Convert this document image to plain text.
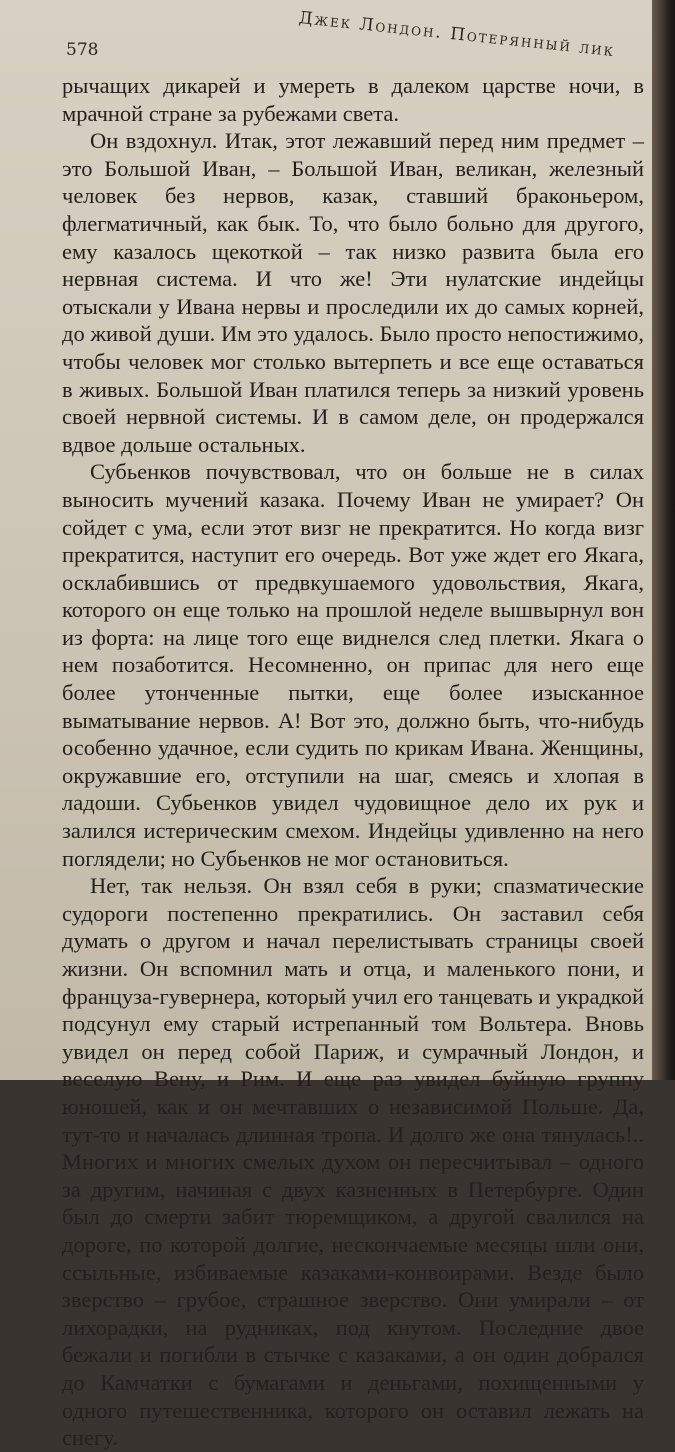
Джек Лондон. Потерянный лик
578

рычащих дикарей и умереть в далеком царстве ночи, в мрачной стране за рубежами света.

Он вздохнул. Итак, этот лежавший перед ним предмет – это Большой Иван, – Большой Иван, великан, железный человек без нервов, казак, ставший браконьером, флегматичный, как бык. То, что было больно для другого, ему казалось щекоткой – так низко развита была его нервная система. И что же! Эти нулатские индейцы отыскали у Ивана нервы и проследили их до самых корней, до живой души. Им это удалось. Было просто непостижимо, чтобы человек мог столько вытерпеть и все еще оставаться в живых. Большой Иван платился теперь за низкий уровень своей нервной системы. И в самом деле, он продержался вдвое дольше остальных.

Субьенков почувствовал, что он больше не в силах выносить мучений казака. Почему Иван не умирает? Он сойдет с ума, если этот визг не прекратится. Но когда визг прекратится, наступит его очередь. Вот уже ждет его Якага, осклабившись от предвкушаемого удовольствия, Якага, которого он еще только на прошлой неделе вышвырнул вон из форта: на лице того еще виднелся след плетки. Якага о нем позаботится. Несомненно, он припас для него еще более утонченные пытки, еще более изысканное выматывание нервов. А! Вот это, должно быть, что-нибудь особенно удачное, если судить по крикам Ивана. Женщины, окружавшие его, отступили на шаг, смеясь и хлопая в ладоши. Субьенков увидел чудовищное дело их рук и залился истерическим смехом. Индейцы удивленно на него поглядели; но Субьенков не мог остановиться.

Нет, так нельзя. Он взял себя в руки; спазматические судороги постепенно прекратились. Он заставил себя думать о другом и начал перелистывать страницы своей жизни. Он вспомнил мать и отца, и маленького пони, и француза-гувернера, который учил его танцевать и украдкой подсунул ему старый истрепанный том Вольтера. Вновь увидел он перед собой Париж, и сумрачный Лондон, и веселую Вену, и Рим. И еще раз увидел буйную группу юношей, как и он мечтавших о независимой Польше. Да, тут-то и началась длинная тропа. И долго же она тянулась!.. Многих и многих смелых духом он пересчитывал – одного за другим, начиная с двух казненных в Петербурге. Один был до смерти забит тюремщиком, а другой свалился на дороге, по которой долгие, нескончаемые месяцы шли они, ссыльные, избиваемые казаками-конвоирами. Везде было зверство – грубое, страшное зверство. Они умирали – от лихорадки, на рудниках, под кнутом. Последние двое бежали и погибли в стычке с казаками, а он один добрался до Камчатки с бумагами и деньгами, похищенными у одного путешественника, которого он оставил лежать на снегу.
